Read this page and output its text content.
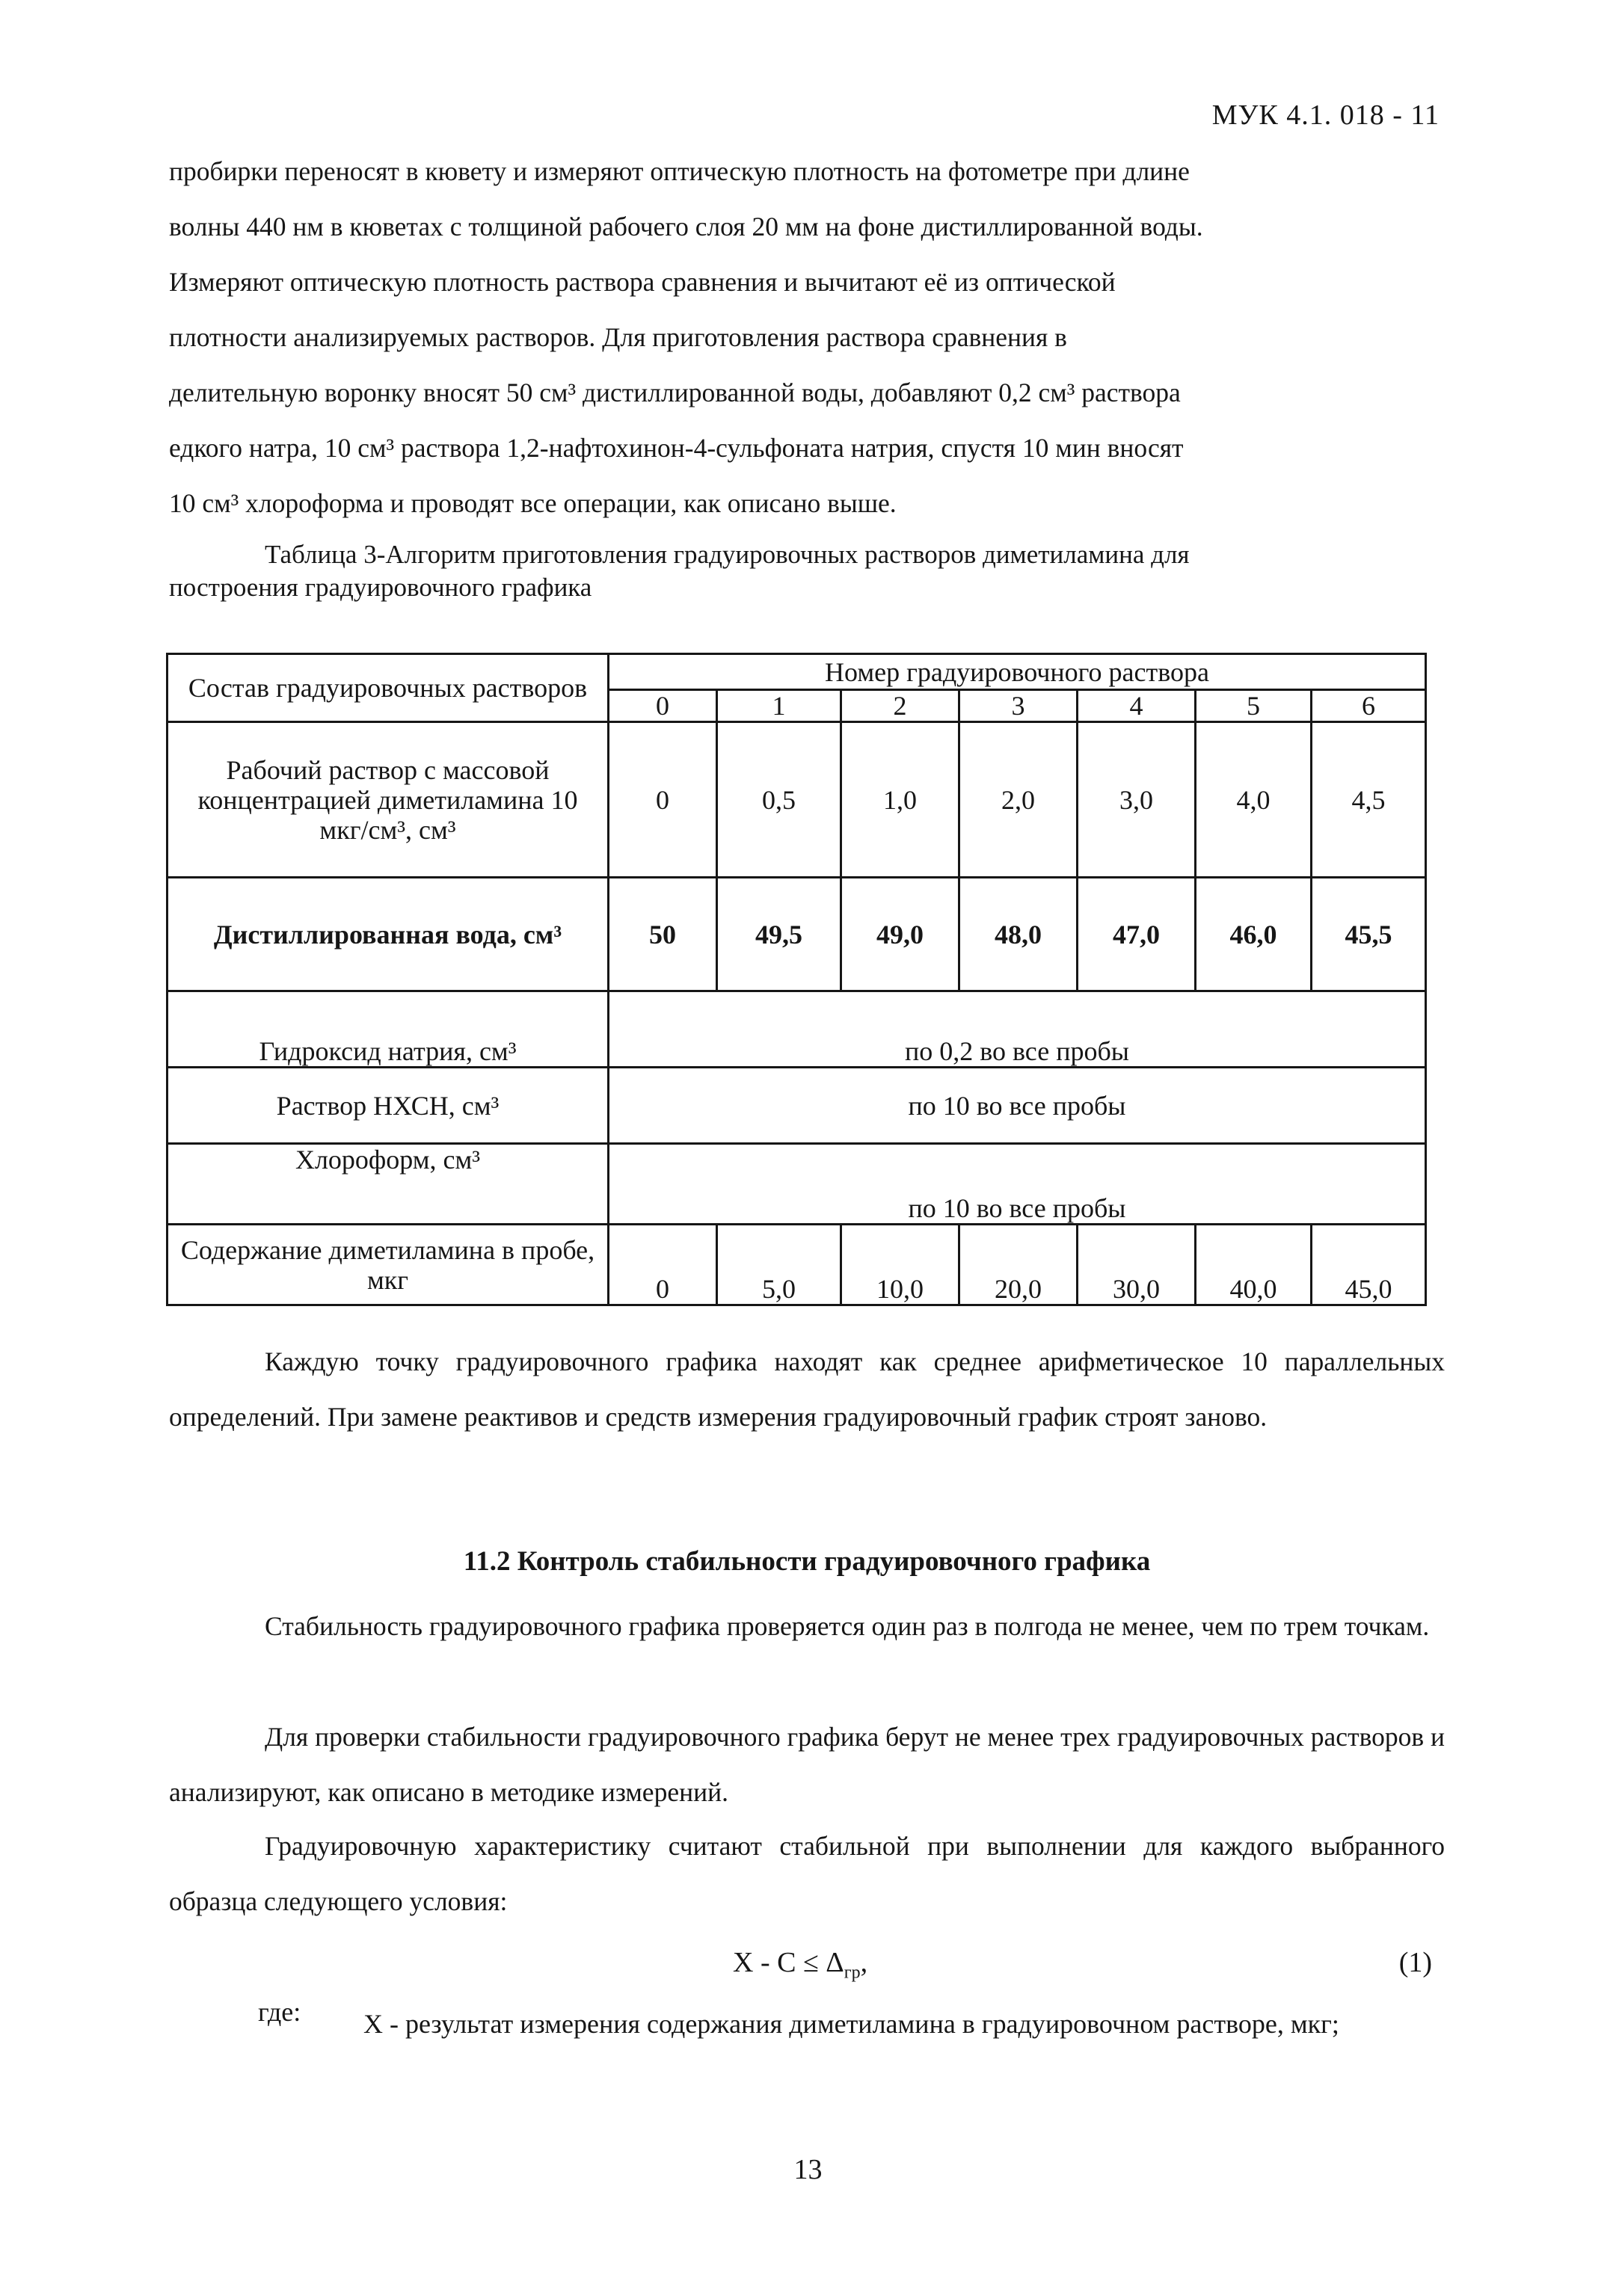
МУК 4.1. 018 - 11

пробирки переносят в кювету и измеряют оптическую плотность на фотометре при длине

волны 440 нм в кюветах с толщиной рабочего слоя 20 мм на фоне дистиллированной воды.

Измеряют оптическую плотность раствора сравнения и вычитают её из оптической

плотности анализируемых растворов. Для приготовления раствора сравнения в

делительную воронку вносят 50 см³ дистиллированной воды, добавляют 0,2 см³ раствора

едкого натра, 10 см³ раствора 1,2-нафтохинон-4-сульфоната натрия, спустя 10 мин вносят

10 см³ хлороформа и проводят все операции, как описано выше.

Таблица 3-Алгоритм приготовления градуировочных растворов диметиламина для
построения градуировочного графика
Состав градуировочных растворов	Номер градуировочного раствора						
	0	1	2	3	4	5	6
Рабочий раствор с массовой концентрацией диметиламина 10 мкг/см³, см³	0	0,5	1,0	2,0	3,0	4,0	4,5
Дистиллированная вода, см³	50	49,5	49,0	48,0	47,0	46,0	45,5
Гидроксид натрия, см³	по 0,2 во все пробы						
Раствор НХСН, см³	по 10 во все пробы						
Хлороформ, см³	по 10 во все пробы						
Содержание диметиламина в пробе, мкг	0	5,0	10,0	20,0	30,0	40,0	45,0

Каждую точку градуировочного графика находят как среднее арифметическое 10 параллельных определений. При замене реактивов и средств измерения градуировочный график строят заново.

11.2 Контроль стабильности градуировочного графика

Стабильность градуировочного графика проверяется один раз в полгода не менее, чем по трем точкам.

Для проверки стабильности градуировочного графика берут не менее трех градуировочных растворов и анализируют, как описано в методике измерений.

Градуировочную характеристику считают стабильной при выполнении для каждого выбранного образца следующего условия:

$X - C \le \Delta_{гр}$,	(1)
где: X - результат измерения содержания диметиламина в градуировочном растворе, мкг;
13
